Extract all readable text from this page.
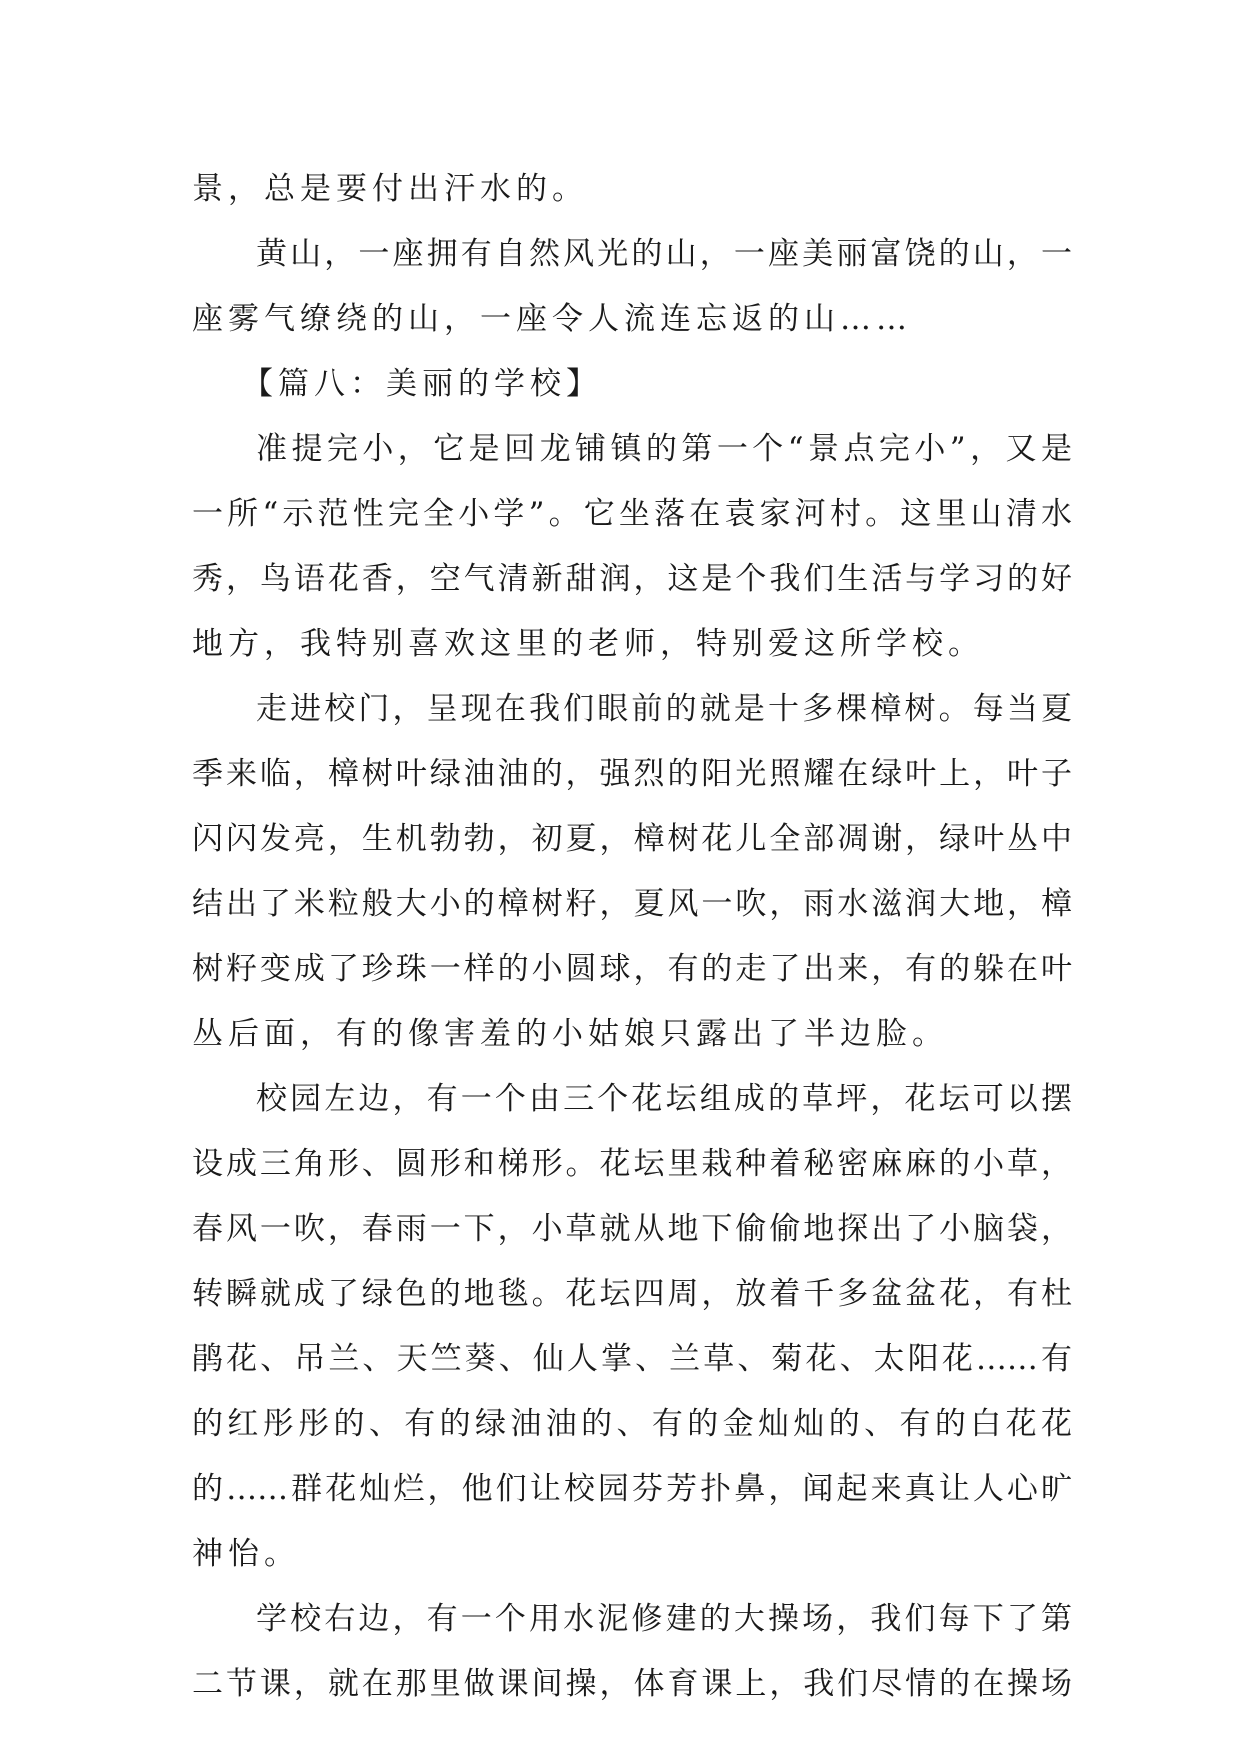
景，总是要付出汗水的。
黄山，一座拥有自然风光的山，一座美丽富饶的山，一
座雾气缭绕的山，一座令人流连忘返的山……
【篇八：美丽的学校】
准提完小，它是回龙铺镇的第一个“景点完小”，又是
一所“示范性完全小学”。它坐落在袁家河村。这里山清水
秀，鸟语花香，空气清新甜润，这是个我们生活与学习的好
地方，我特别喜欢这里的老师，特别爱这所学校。
走进校门，呈现在我们眼前的就是十多棵樟树。每当夏
季来临，樟树叶绿油油的，强烈的阳光照耀在绿叶上，叶子
闪闪发亮，生机勃勃，初夏，樟树花儿全部凋谢，绿叶丛中
结出了米粒般大小的樟树籽，夏风一吹，雨水滋润大地，樟
树籽变成了珍珠一样的小圆球，有的走了出来，有的躲在叶
丛后面，有的像害羞的小姑娘只露出了半边脸。
校园左边，有一个由三个花坛组成的草坪，花坛可以摆
设成三角形、圆形和梯形。花坛里栽种着秘密麻麻的小草，
春风一吹，春雨一下，小草就从地下偷偷地探出了小脑袋，
转瞬就成了绿色的地毯。花坛四周，放着千多盆盆花，有杜
鹃花、吊兰、天竺葵、仙人掌、兰草、菊花、太阳花……有
的红彤彤的、有的绿油油的、有的金灿灿的、有的白花花
的……群花灿烂，他们让校园芬芳扑鼻，闻起来真让人心旷
神怡。
学校右边，有一个用水泥修建的大操场，我们每下了第
二节课，就在那里做课间操，体育课上，我们尽情的在操场
